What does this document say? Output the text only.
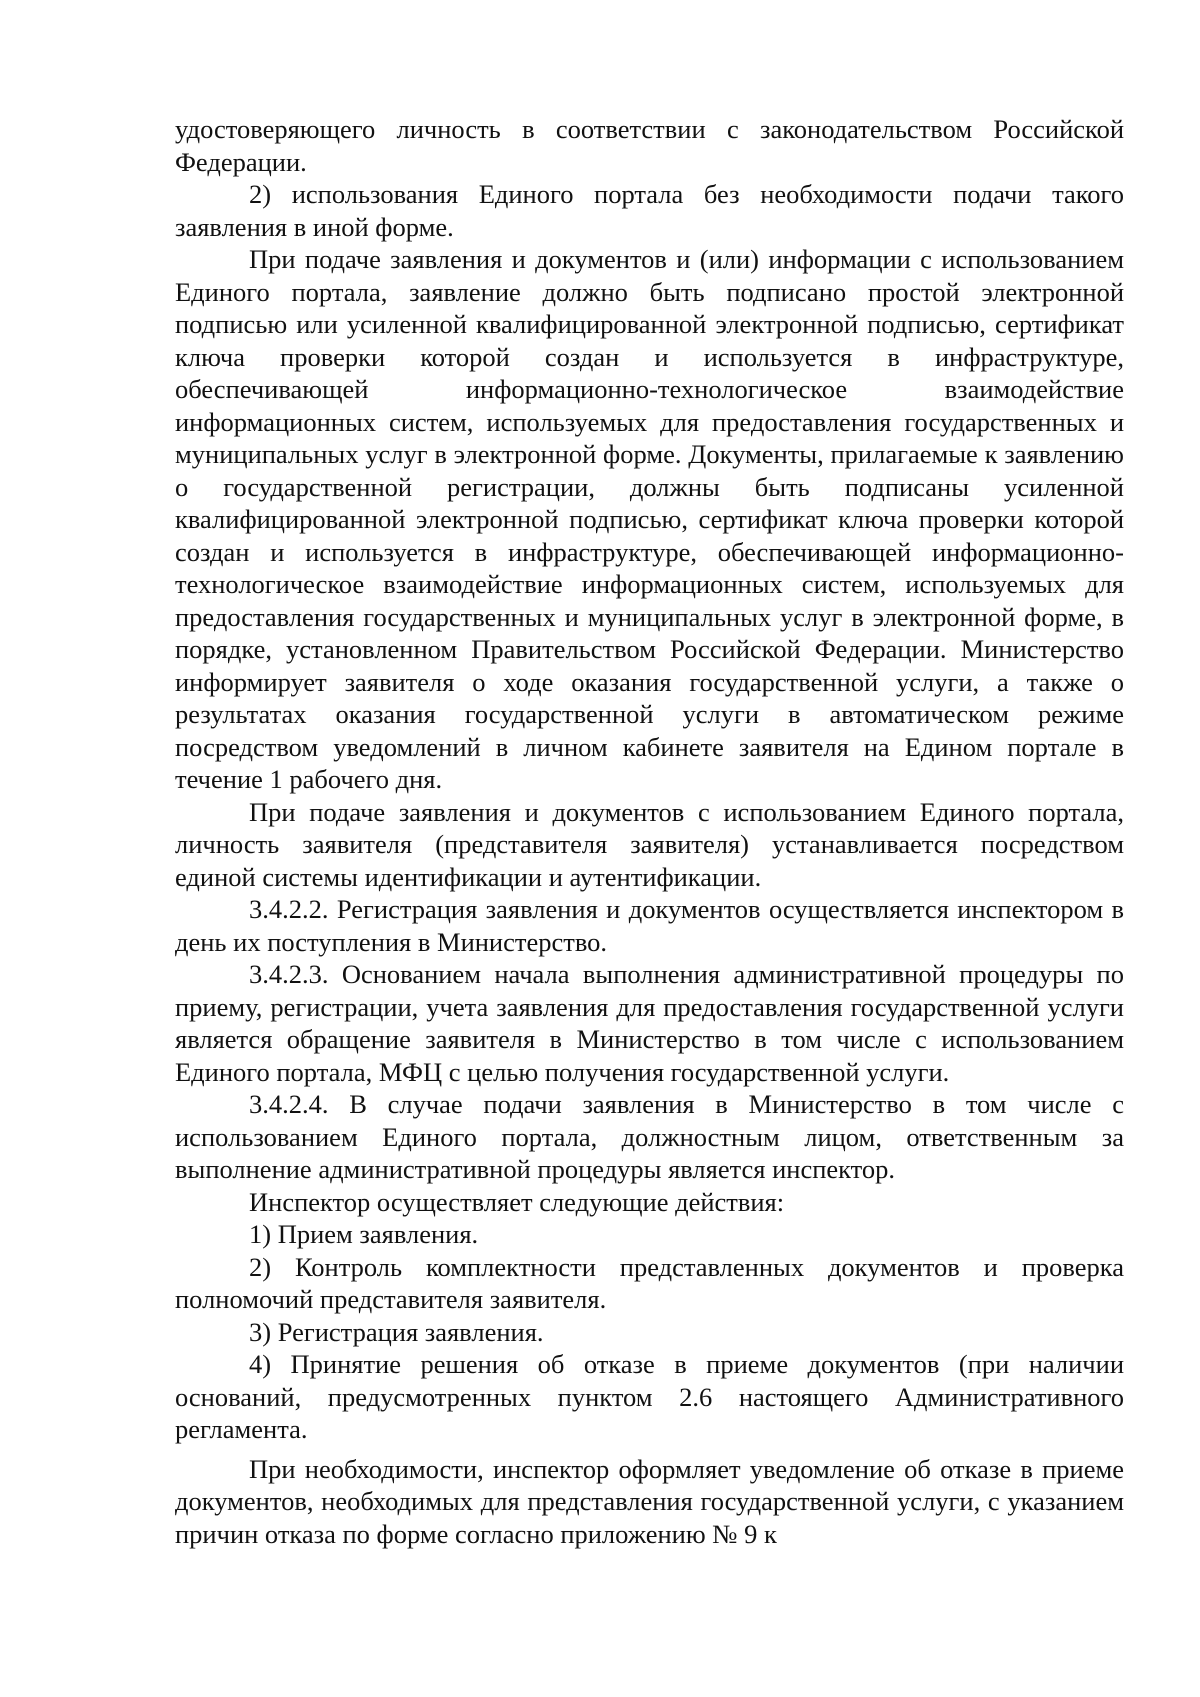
удостоверяющего личность в соответствии с законодательством Российской Федерации.

2) использования Единого портала без необходимости подачи такого заявления в иной форме.

При подаче заявления и документов и (или) информации с использованием Единого портала, заявление должно быть подписано простой электронной подписью или усиленной квалифицированной электронной подписью, сертификат ключа проверки которой создан и используется в инфраструктуре, обеспечивающей информационно-технологическое взаимодействие информационных систем, используемых для предоставления государственных и муниципальных услуг в электронной форме. Документы, прилагаемые к заявлению о государственной регистрации, должны быть подписаны усиленной квалифицированной электронной подписью, сертификат ключа проверки которой создан и используется в инфраструктуре, обеспечивающей информационно-технологическое взаимодействие информационных систем, используемых для предоставления государственных и муниципальных услуг в электронной форме, в порядке, установленном Правительством Российской Федерации. Министерство информирует заявителя о ходе оказания государственной услуги, а также о результатах оказания государственной услуги в автоматическом режиме посредством уведомлений в личном кабинете заявителя на Едином портале в течение 1 рабочего дня.

При подаче заявления и документов с использованием Единого портала, личность заявителя (представителя заявителя) устанавливается посредством единой системы идентификации и аутентификации.

3.4.2.2. Регистрация заявления и документов осуществляется инспектором в день их поступления в Министерство.

3.4.2.3. Основанием начала выполнения административной процедуры по приему, регистрации, учета заявления для предоставления государственной услуги является обращение заявителя в Министерство в том числе с использованием Единого портала, МФЦ с целью получения государственной услуги.

3.4.2.4. В случае подачи заявления в Министерство в том числе с использованием Единого портала, должностным лицом, ответственным за выполнение административной процедуры является инспектор.

Инспектор осуществляет следующие действия:

1) Прием заявления.

2) Контроль комплектности представленных документов и проверка полномочий представителя заявителя.

3) Регистрация заявления.

4) Принятие решения об отказе в приеме документов (при наличии оснований, предусмотренных пунктом 2.6 настоящего Административного регламента.

При необходимости, инспектор оформляет уведомление об отказе в приеме документов, необходимых для представления государственной услуги, с указанием причин отказа по форме согласно приложению № 9 к
